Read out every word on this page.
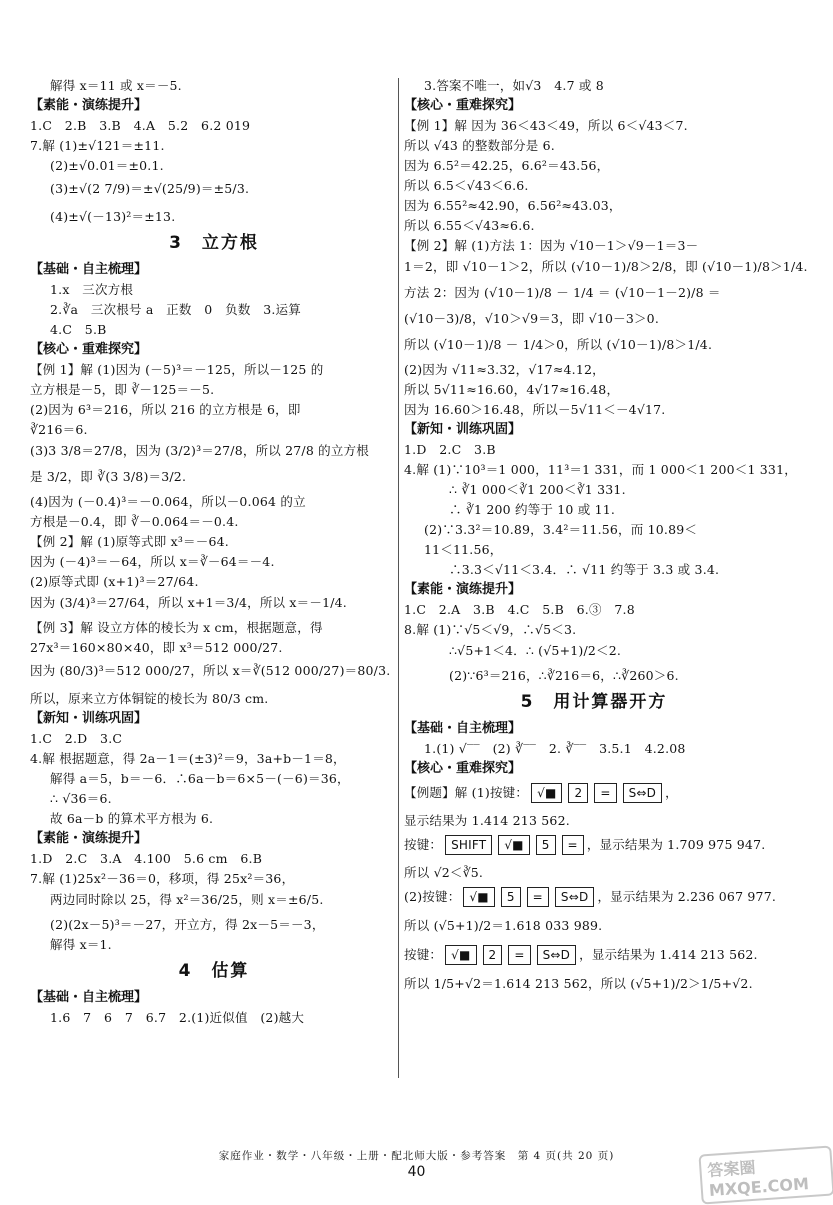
解得 x＝11 或 x＝－5.
【素能・演练提升】
1.C　2.B　3.B　4.A　5.2　6.2 019
7.解 (1)±√121＝±11.
(2)±√0.01＝±0.1.
(3)±√(2 7/9)＝±√(25/9)＝±5/3.
(4)±√(－13)²＝±13.
3　立方根
【基础・自主梳理】
1.x　三次方根
2.∛a　三次根号 a　正数　0　负数　3.运算
4.C　5.B
【核心・重难探究】
【例 1】解 (1)因为 (－5)³＝－125，所以－125 的
立方根是－5，即 ∛－125＝－5.
(2)因为 6³＝216，所以 216 的立方根是 6，即
∛216＝6.
(3)3 3/8＝27/8，因为 (3/2)³＝27/8，所以 27/8 的立方根
是 3/2，即 ∛(3 3/8)＝3/2.
(4)因为 (－0.4)³＝－0.064，所以－0.064 的立
方根是－0.4，即 ∛－0.064＝－0.4.
【例 2】解 (1)原等式即 x³＝－64.
因为 (－4)³＝－64，所以 x＝∛－64＝－4.
(2)原等式即 (x+1)³＝27/64.
因为 (3/4)³＝27/64，所以 x+1＝3/4，所以 x＝－1/4.
【例 3】解 设立方体的棱长为 x cm，根据题意，得
27x³＝160×80×40，即 x³＝512 000/27.
因为 (80/3)³＝512 000/27，所以 x＝∛(512 000/27)＝80/3.
所以，原来立方体铜锭的棱长为 80/3 cm.
【新知・训练巩固】
1.C　2.D　3.C
4.解 根据题意，得 2a－1＝(±3)²＝9，3a+b－1＝8，
解得 a＝5，b＝－6．∴6a－b＝6×5－(－6)＝36，
∴ √36＝6.
故 6a－b 的算术平方根为 6.
【素能・演练提升】
1.D　2.C　3.A　4.100　5.6 cm　6.B
7.解 (1)25x²－36＝0，移项，得 25x²＝36，
两边同时除以 25，得 x²＝36/25，则 x＝±6/5.
(2)(2x－5)³＝－27，开立方，得 2x－5＝－3，
解得 x＝1.
4　估算
【基础・自主梳理】
1.6　7　6　7　6.7　2.(1)近似值　(2)越大
3.答案不唯一，如√3　4.7 或 8
【核心・重难探究】
【例 1】解 因为 36＜43＜49，所以 6＜√43＜7.
所以 √43 的整数部分是 6.
因为 6.5²＝42.25，6.6²＝43.56，
所以 6.5＜√43＜6.6.
因为 6.55²≈42.90，6.56²≈43.03，
所以 6.55＜√43≈6.6.
【例 2】解 (1)方法 1：因为 √10－1＞√9－1＝3－
1＝2，即 √10－1＞2，所以 (√10－1)/8＞2/8，即 (√10－1)/8＞1/4.
方法 2：因为 (√10－1)/8 － 1/4 ＝ (√10－1－2)/8 ＝
(√10－3)/8，√10＞√9＝3，即 √10－3＞0.
所以 (√10－1)/8 － 1/4＞0，所以 (√10－1)/8＞1/4.
(2)因为 √11≈3.32，√17≈4.12，
所以 5√11≈16.60，4√17≈16.48，
因为 16.60＞16.48，所以－5√11＜－4√17.
【新知・训练巩固】
1.D　2.C　3.B
4.解 (1)∵10³＝1 000，11³＝1 331，而 1 000＜1 200＜1 331，
∴ ∛1 000＜∛1 200＜∛1 331.
∴ ∛1 200 约等于 10 或 11.
(2)∵3.3²＝10.89，3.4²＝11.56，而 10.89＜
11＜11.56，
∴3.3＜√11＜3.4．∴ √11 约等于 3.3 或 3.4.
【素能・演练提升】
1.C　2.A　3.B　4.C　5.B　6.③　7.8
8.解 (1)∵√5＜√9，∴√5＜3.
∴√5+1＜4．∴ (√5+1)/2＜2.
(2)∵6³＝216，∴∛216＝6，∴∛260＞6.
5　用计算器开方
【基础・自主梳理】
1.(1) √‾‾　(2) ∛‾‾　2. ∛‾‾　3.5.1　4.2.08
【核心・重难探究】
【例题】解 (1)按键： √■ 2 = S⇔D ，
显示结果为 1.414 213 562.
按键： SHIFT √■ 5 = ，显示结果为 1.709 975 947.
所以 √2＜∛5.
(2)按键： √■ 5 = S⇔D ，显示结果为 2.236 067 977.
所以 (√5+1)/2＝1.618 033 989.
按键： √■ 2 = S⇔D ，显示结果为 1.414 213 562.
所以 1/5+√2＝1.614 213 562，所以 (√5+1)/2＞1/5+√2.
家庭作业・数学・八年级・上册・配北师大版・参考答案　第 4 页(共 20 页)
40	答案圈 MXQE.COM
